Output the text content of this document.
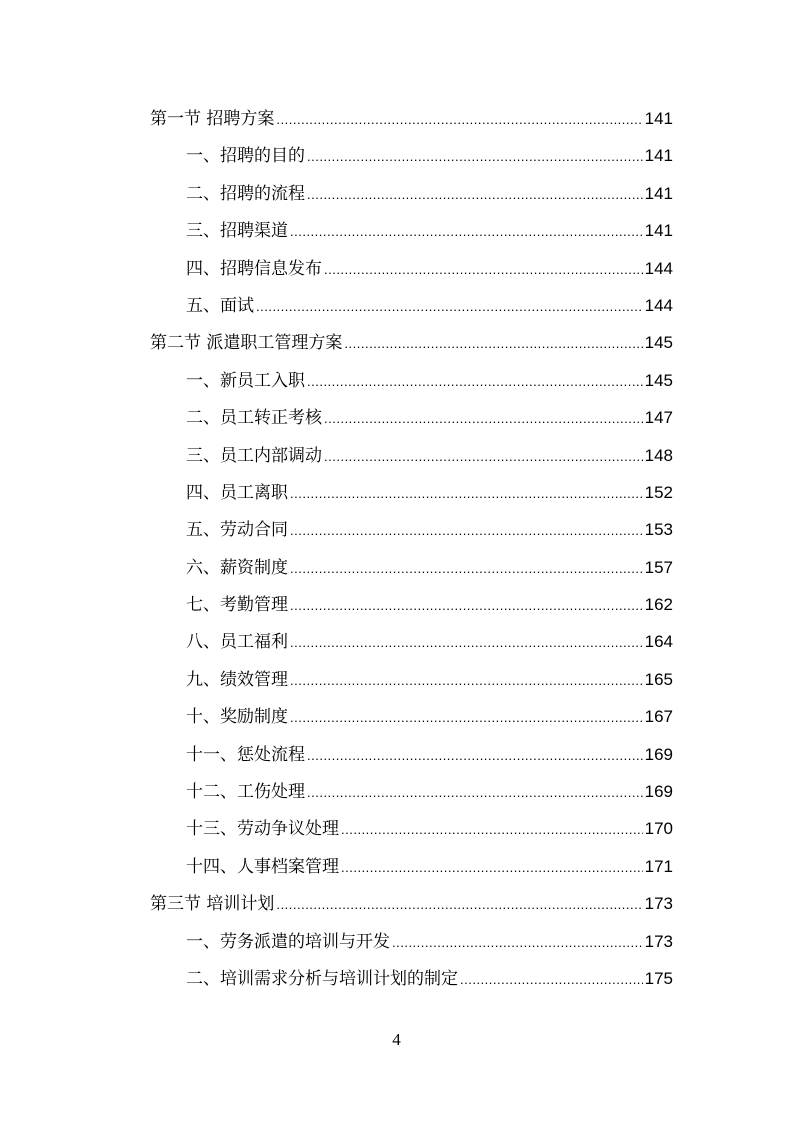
第一节 招聘方案 .....	141
一、招聘的目的 .....	141
二、招聘的流程 .....	141
三、招聘渠道 .....	141
四、招聘信息发布 .....	144
五、面试 .....	144
第二节 派遣职工管理方案 .....	145
一、新员工入职 .....	145
二、员工转正考核 .....	147
三、员工内部调动 .....	148
四、员工离职 .....	152
五、劳动合同 .....	153
六、薪资制度 .....	157
七、考勤管理 .....	162
八、员工福利 .....	164
九、绩效管理 .....	165
十、奖励制度 .....	167
十一、惩处流程 .....	169
十二、工伤处理 .....	169
十三、劳动争议处理 .....	170
十四、人事档案管理 .....	171
第三节 培训计划 .....	173
一、劳务派遣的培训与开发 .....	173
二、培训需求分析与培训计划的制定 .....	175
4
